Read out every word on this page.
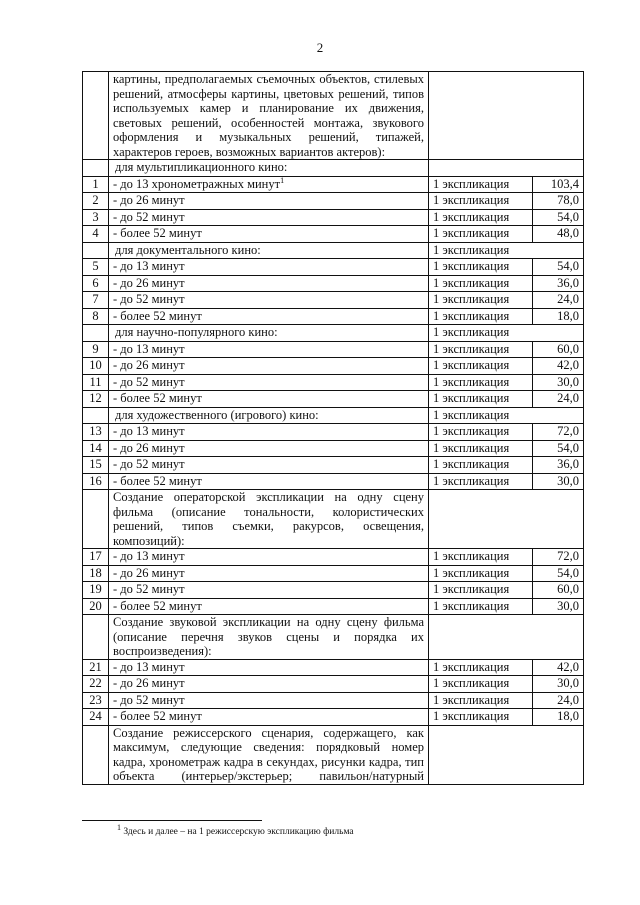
2
	картины, предполагаемых съемочных объектов, стилевых решений, атмосферы картины, цветовых решений, типов используемых камер и планирование их движения, световых решений, особенностей монтажа, звукового оформления и музыкальных решений, типажей, характеров героев, возможных вариантов актеров):		
	для мультипликационного кино:		
1	- до 13 хронометражных минут$^1$	1 экспликация	103,4
2	- до 26 минут	1 экспликация	78,0
3	- до 52 минут	1 экспликация	54,0
4	- более 52 минут	1 экспликация	48,0
	для документального кино:	1 экспликация	
5	- до 13 минут	1 экспликация	54,0
6	- до 26 минут	1 экспликация	36,0
7	- до 52 минут	1 экспликация	24,0
8	- более 52 минут	1 экспликация	18,0
	для научно-популярного кино:	1 экспликация	
9	- до 13 минут	1 экспликация	60,0
10	- до 26 минут	1 экспликация	42,0
11	- до 52 минут	1 экспликация	30,0
12	- более 52 минут	1 экспликация	24,0
	для художественного (игрового) кино:	1 экспликация	
13	- до 13 минут	1 экспликация	72,0
14	- до 26 минут	1 экспликация	54,0
15	- до 52 минут	1 экспликация	36,0
16	- более 52 минут	1 экспликация	30,0
	Создание операторской экспликации на одну сцену фильма (описание тональности, колористических решений, типов съемки, ракурсов, освещения, композиций):		
17	- до 13 минут	1 экспликация	72,0
18	- до 26 минут	1 экспликация	54,0
19	- до 52 минут	1 экспликация	60,0
20	- более 52 минут	1 экспликация	30,0
	Создание звуковой экспликации на одну сцену фильма (описание перечня звуков сцены и порядка их воспроизведения):		
21	- до 13 минут	1 экспликация	42,0
22	- до 26 минут	1 экспликация	30,0
23	- до 52 минут	1 экспликация	24,0
24	- более 52 минут	1 экспликация	18,0
	Создание режиссерского сценария, содержащего, как максимум, следующие сведения: порядковый номер кадра, хронометраж кадра в секундах, рисунки кадра, тип объекта (интерьер/экстерьер; павильон/натурный		
$^1$ Здесь и далее – на 1 режиссерскую экспликацию фильма
